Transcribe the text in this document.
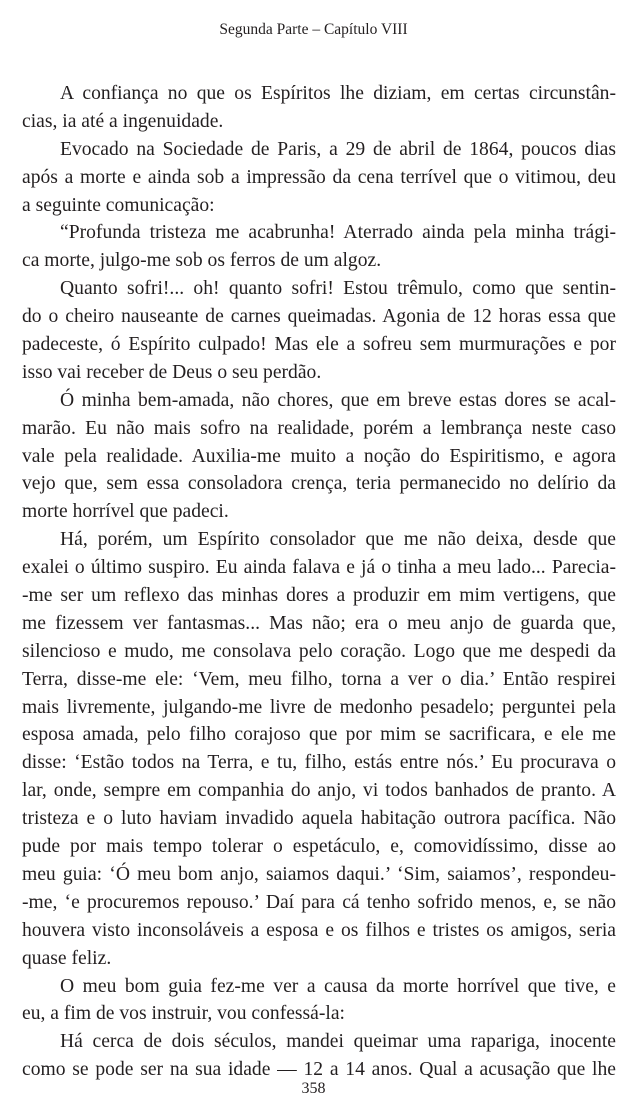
Segunda Parte – Capítulo VIII
A confiança no que os Espíritos lhe diziam, em certas circunstân-
cias, ia até a ingenuidade.
Evocado na Sociedade de Paris, a 29 de abril de 1864, poucos dias
após a morte e ainda sob a impressão da cena terrível que o vitimou, deu
a seguinte comunicação:
“Profunda tristeza me acabrunha! Aterrado ainda pela minha trági-
ca morte, julgo-me sob os ferros de um algoz.
Quanto sofri!... oh! quanto sofri! Estou trêmulo, como que sentin-
do o cheiro nauseante de carnes queimadas. Agonia de 12 horas essa que
padeceste, ó Espírito culpado! Mas ele a sofreu sem murmurações e por
isso vai receber de Deus o seu perdão.
Ó minha bem-amada, não chores, que em breve estas dores se acal-
marão. Eu não mais sofro na realidade, porém a lembrança neste caso
vale pela realidade. Auxilia-me muito a noção do Espiritismo, e agora
vejo que, sem essa consoladora crença, teria permanecido no delírio da
morte horrível que padeci.
Há, porém, um Espírito consolador que me não deixa, desde que
exalei o último suspiro. Eu ainda falava e já o tinha a meu lado... Parecia-
-me ser um reflexo das minhas dores a produzir em mim vertigens, que
me fizessem ver fantasmas... Mas não; era o meu anjo de guarda que,
silencioso e mudo, me consolava pelo coração. Logo que me despedi da
Terra, disse-me ele: ‘Vem, meu filho, torna a ver o dia.’ Então respirei
mais livremente, julgando-me livre de medonho pesadelo; perguntei pela
esposa amada, pelo filho corajoso que por mim se sacrificara, e ele me
disse: ‘Estão todos na Terra, e tu, filho, estás entre nós.’ Eu procurava o
lar, onde, sempre em companhia do anjo, vi todos banhados de pranto. A
tristeza e o luto haviam invadido aquela habitação outrora pacífica. Não
pude por mais tempo tolerar o espetáculo, e, comovidíssimo, disse ao
meu guia: ‘Ó meu bom anjo, saiamos daqui.’ ‘Sim, saiamos’, respondeu-
-me, ‘e procuremos repouso.’ Daí para cá tenho sofrido menos, e, se não
houvera visto inconsoláveis a esposa e os filhos e tristes os amigos, seria
quase feliz.
O meu bom guia fez-me ver a causa da morte horrível que tive, e
eu, a fim de vos instruir, vou confessá-la:
Há cerca de dois séculos, mandei queimar uma rapariga, inocente
como se pode ser na sua idade — 12 a 14 anos. Qual a acusação que lhe
358
